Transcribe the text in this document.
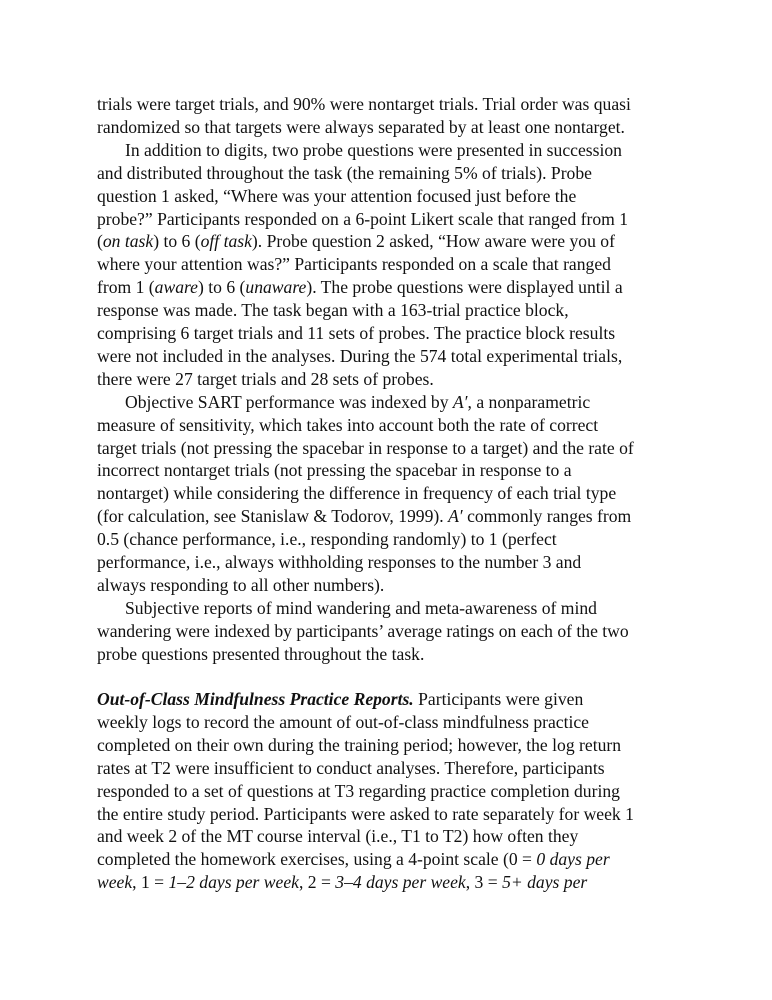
trials were target trials, and 90% were nontarget trials. Trial order was quasi
randomized so that targets were always separated by at least one nontarget.
In addition to digits, two probe questions were presented in succession
and distributed throughout the task (the remaining 5% of trials). Probe
question 1 asked, “Where was your attention focused just before the
probe?” Participants responded on a 6-point Likert scale that ranged from 1
(on task) to 6 (off task). Probe question 2 asked, “How aware were you of
where your attention was?” Participants responded on a scale that ranged
from 1 (aware) to 6 (unaware). The probe questions were displayed until a
response was made. The task began with a 163-trial practice block,
comprising 6 target trials and 11 sets of probes. The practice block results
were not included in the analyses. During the 574 total experimental trials,
there were 27 target trials and 28 sets of probes.
Objective SART performance was indexed by A′, a nonparametric
measure of sensitivity, which takes into account both the rate of correct
target trials (not pressing the spacebar in response to a target) and the rate of
incorrect nontarget trials (not pressing the spacebar in response to a
nontarget) while considering the difference in frequency of each trial type
(for calculation, see Stanislaw & Todorov, 1999). A′ commonly ranges from
0.5 (chance performance, i.e., responding randomly) to 1 (perfect
performance, i.e., always withholding responses to the number 3 and
always responding to all other numbers).
Subjective reports of mind wandering and meta-awareness of mind
wandering were indexed by participants’ average ratings on each of the two
probe questions presented throughout the task.
Out-of-Class Mindfulness Practice Reports. Participants were given
weekly logs to record the amount of out-of-class mindfulness practice
completed on their own during the training period; however, the log return
rates at T2 were insufficient to conduct analyses. Therefore, participants
responded to a set of questions at T3 regarding practice completion during
the entire study period. Participants were asked to rate separately for week 1
and week 2 of the MT course interval (i.e., T1 to T2) how often they
completed the homework exercises, using a 4-point scale (0 = 0 days per
week, 1 = 1–2 days per week, 2 = 3–4 days per week, 3 = 5+ days per
